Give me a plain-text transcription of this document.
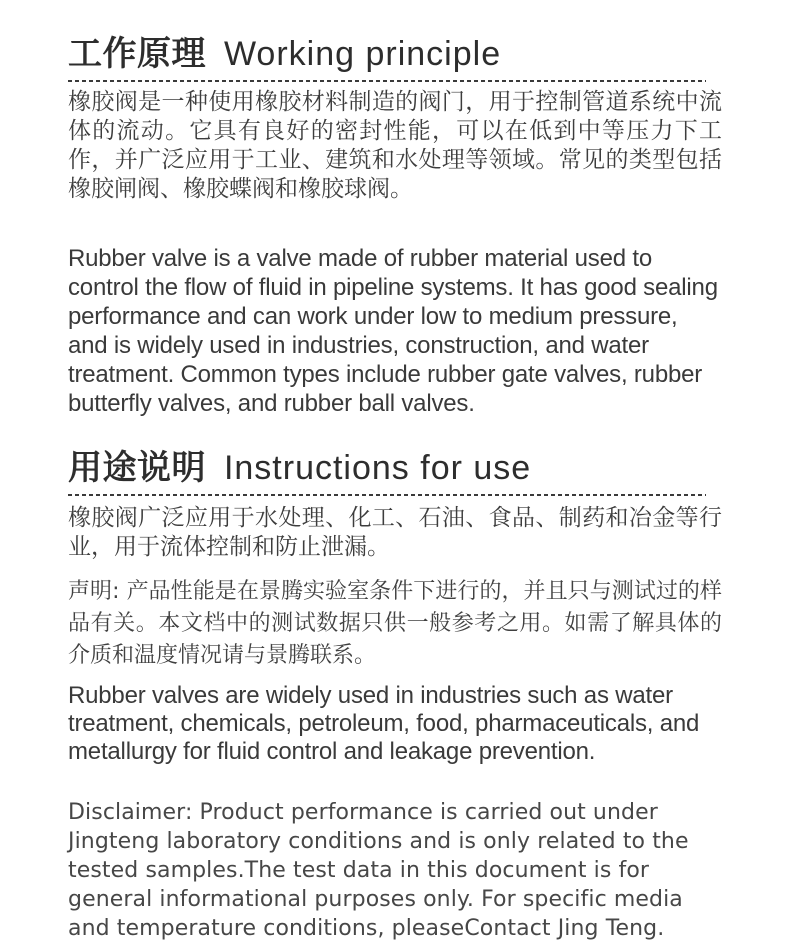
工作原理 Working principle

橡胶阀是一种使用橡胶材料制造的阀门，用于控制管道系统中流体的流动。它具有良好的密封性能，可以在低到中等压力下工作，并广泛应用于工业、建筑和水处理等领域。常见的类型包括橡胶闸阀、橡胶蝶阀和橡胶球阀。

Rubber valve is a valve made of rubber material used to control the flow of fluid in pipeline systems. It has good sealing performance and can work under low to medium pressure, and is widely used in industries, construction, and water treatment. Common types include rubber gate valves, rubber butterfly valves, and rubber ball valves.

用途说明 Instructions for use

橡胶阀广泛应用于水处理、化工、石油、食品、制药和冶金等行业，用于流体控制和防止泄漏。

声明: 产品性能是在景腾实验室条件下进行的，并且只与测试过的样品有关。本文档中的测试数据只供一般参考之用。如需了解具体的介质和温度情况请与景腾联系。

Rubber valves are widely used in industries such as water treatment, chemicals, petroleum, food, pharmaceuticals, and metallurgy for fluid control and leakage prevention.

Disclaimer: Product performance is carried out under Jingteng laboratory conditions and is only related to the tested samples.The test data in this document is for general informational purposes only. For specific media and temperature conditions, pleaseContact Jing Teng.
